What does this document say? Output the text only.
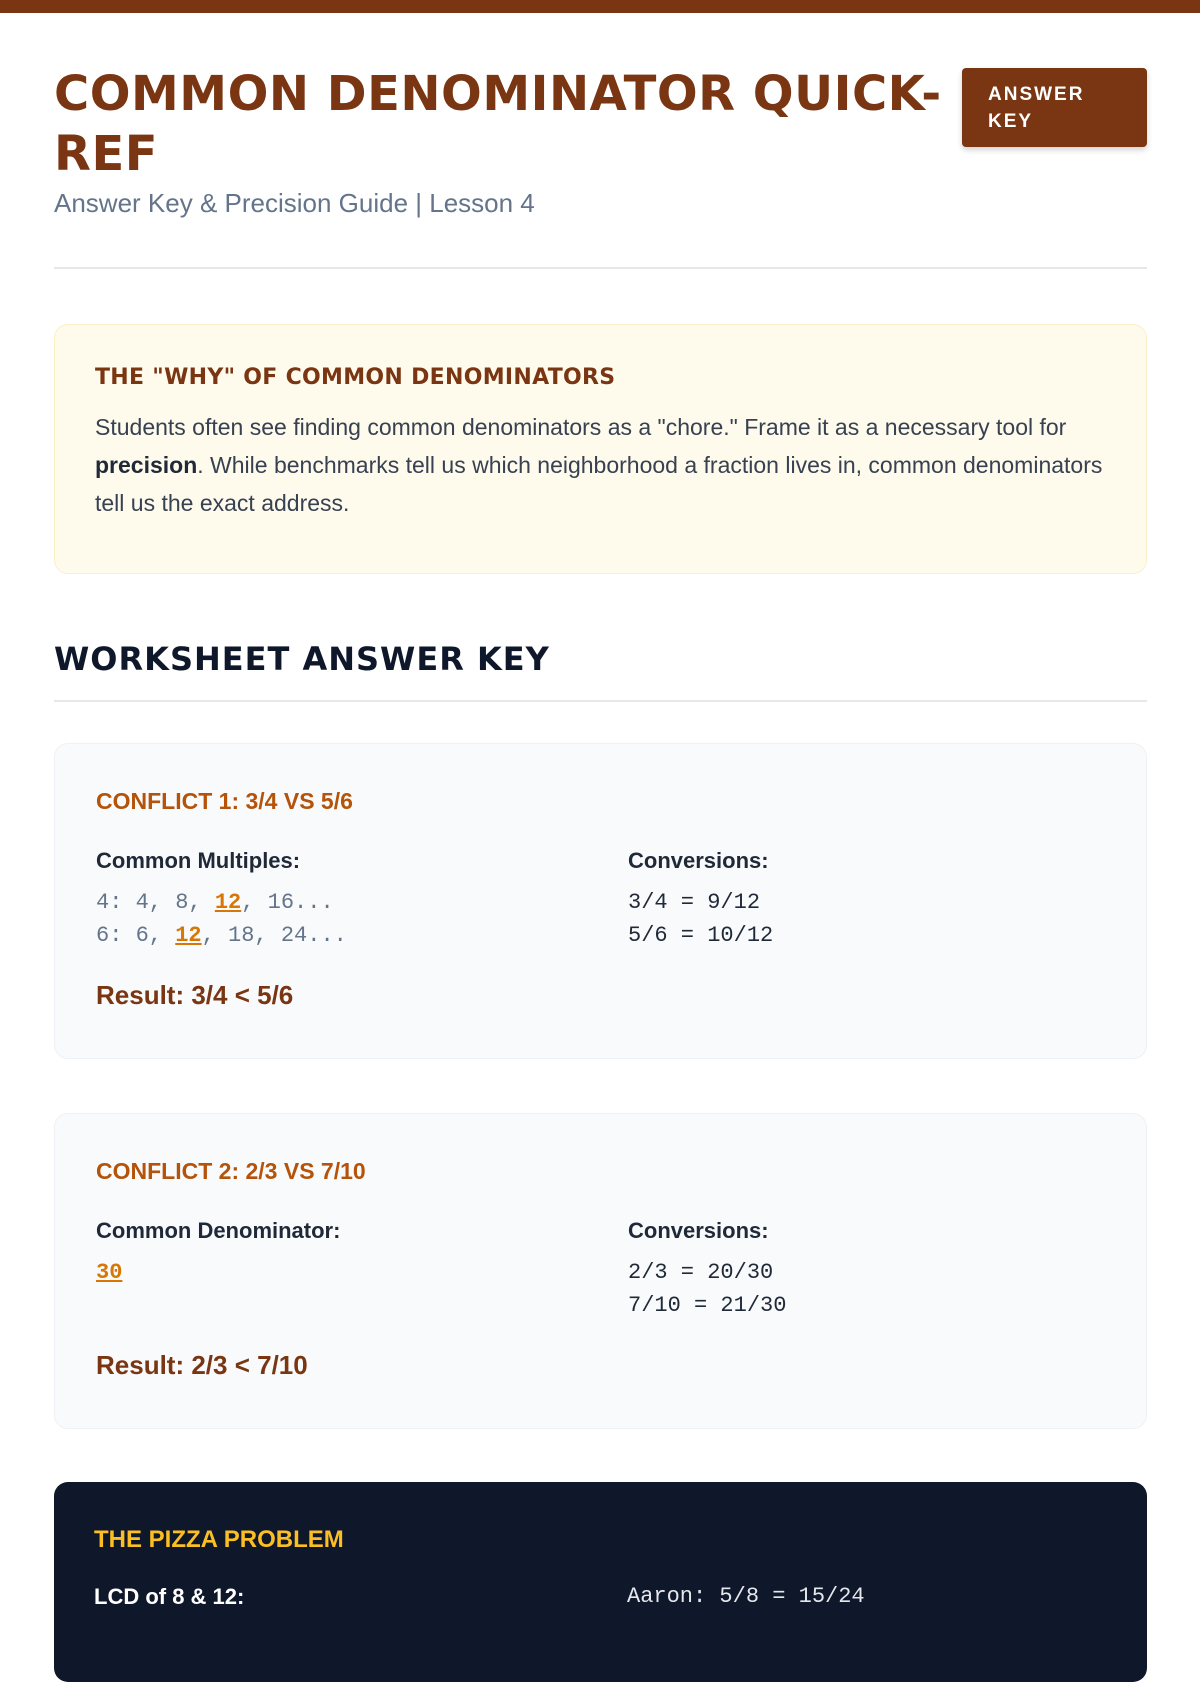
COMMON DENOMINATOR QUICK-REF

Answer Key & Precision Guide | Lesson 4

ANSWER KEY
THE "WHY" OF COMMON DENOMINATORS

Students often see finding common denominators as a "chore." Frame it as a necessary tool for precision. While benchmarks tell us which neighborhood a fraction lives in, common denominators tell us the exact address.

WORKSHEET ANSWER KEY
CONFLICT 1: 3/4 VS 5/6

Common Multiples:

4: 4, 8, 12, 16...
6: 6, 12, 18, 24...

Conversions:

3/4 = 9/12
5/6 = 10/12

Result: 3/4 < 5/6

CONFLICT 2: 2/3 VS 7/10

Common Denominator:

30

Conversions:

2/3 = 20/30
7/10 = 21/30

Result: 2/3 < 7/10

THE PIZZA PROBLEM

LCD of 8 & 12:	Aaron: 5/8 = 15/24
